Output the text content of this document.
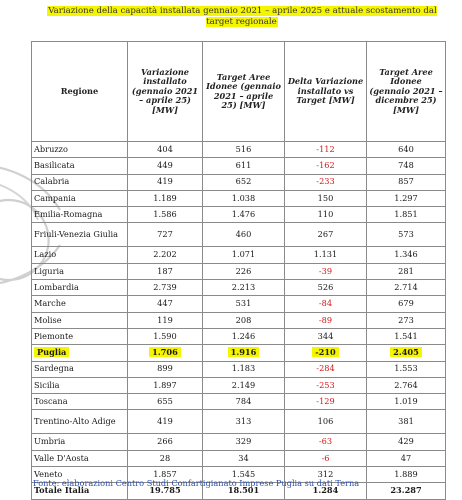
Variazione della capacità installata gennaio 2021 – aprile 2025 e attuale scostamento dal target regionale
Regione	Variazione installato (gennaio 2021 – aprile 25) [MW]	Target Aree Idonee (gennaio 2021 – aprile 25) [MW]	Delta Variazione installato vs Target [MW]	Target Aree Idonee (gennaio 2021 – dicembre 25) [MW]
Abruzzo	404	516	-112	640
Basilicata	449	611	-162	748
Calabria	419	652	-233	857
Campania	1.189	1.038	150	1.297
Emilia-Romagna	1.586	1.476	110	1.851
Friuli-Venezia Giulia	727	460	267	573
Lazio	2.202	1.071	1.131	1.346
Liguria	187	226	-39	281
Lombardia	2.739	2.213	526	2.714
Marche	447	531	-84	679
Molise	119	208	-89	273
Piemonte	1.590	1.246	344	1.541
Puglia	1.706	1.916	-210	2.405
Sardegna	899	1.183	-284	1.553
Sicilia	1.897	2.149	-253	2.764
Toscana	655	784	-129	1.019
Trentino-Alto Adige	419	313	106	381
Umbria	266	329	-63	429
Valle D'Aosta	28	34	-6	47
Veneto	1.857	1.545	312	1.889
Totale Italia	19.785	18.501	1.284	23.287
Fonte: elaborazioni Centro Studi Confartigianato Imprese Puglia su dati Terna
